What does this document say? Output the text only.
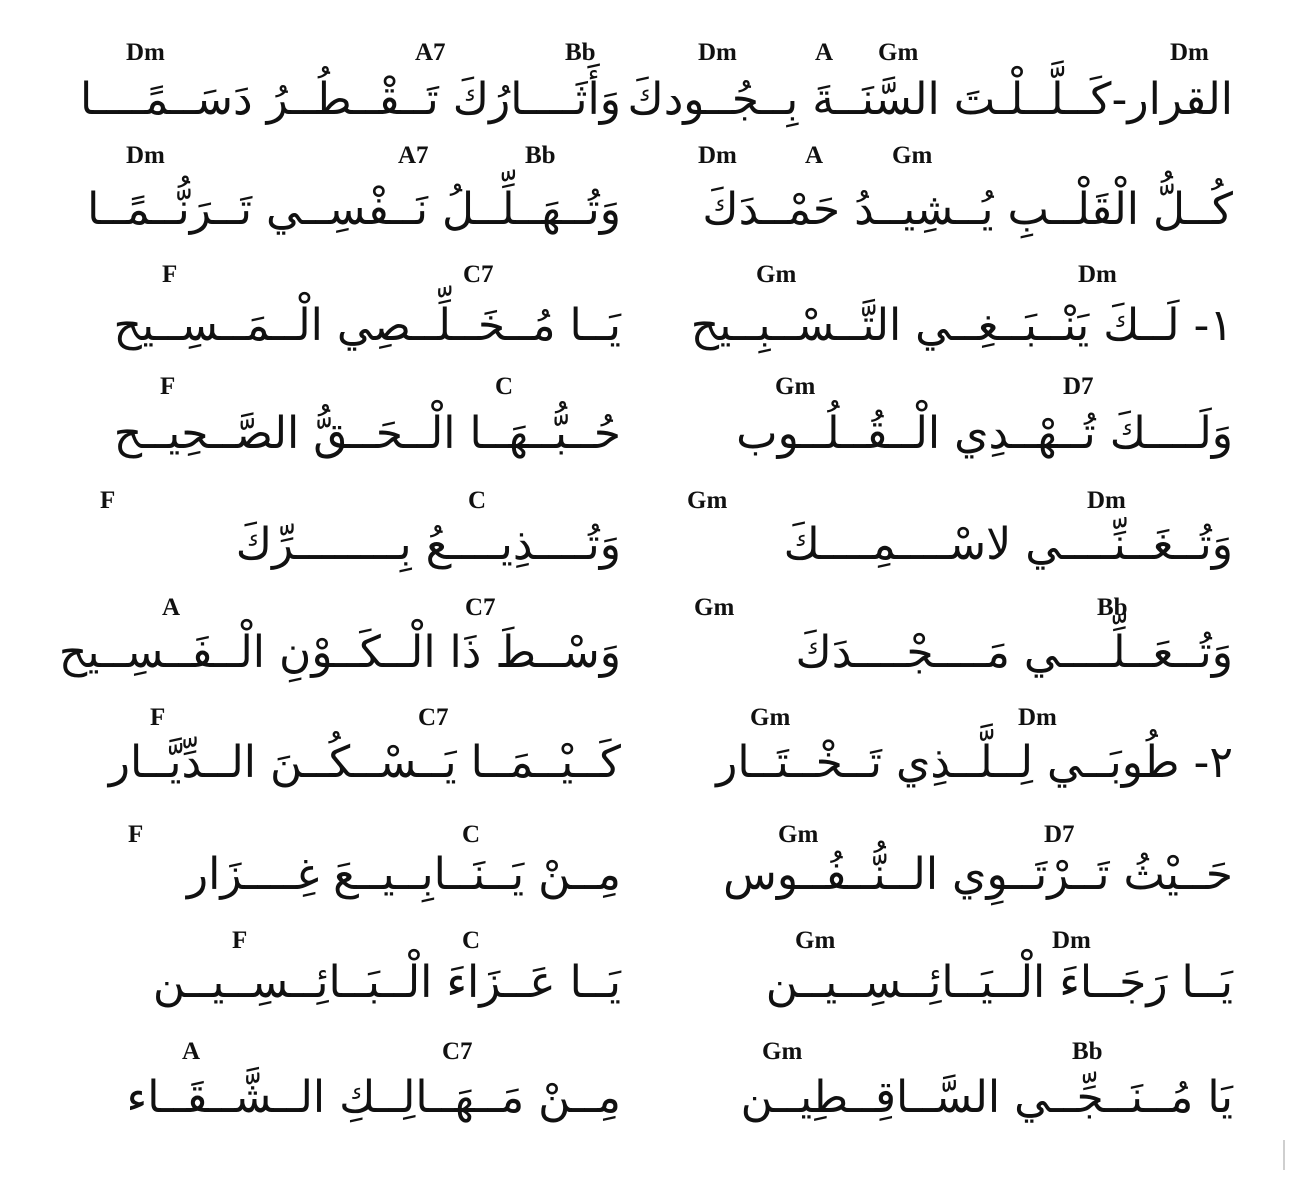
Dm	A Gm	Dm
القرار-كَــلَّــلْـتَ السَّنَــةَ بِــجُــودكَ
Dm	A	Gm
كُــلُّ الْقَلْــبِ يُــشِيــدُ حَمْــدَكَ
Gm	Dm
١- لَــكَ يَنْــبَــغِــي التَّــسْــبِــيح
Gm	D7
وَلَــــكَ تُــهْــدِي الْــقُــلُــوب
Gm	Dm
وَتُــغَــنِّــــي لاسْــــمِــــكَ
Gm	Bb
وَتُــعَــلِّــــي مَــــجْــــدَكَ
Gm	Dm
٢- طُوبَــي لِــلَّــذِي تَــخْــتَــار
Gm	D7
حَــيْثُ تَــرْتَــوِي الــنُّــفُــوس
Gm	Dm
يَــا رَجَــاءَ الْــيَــائِــسِــيــن
Gm	Bb
يَا مُــنَــجِّــي السَّــاقِــطِيــن
Dm	A7	Bb
وَأَثَــــارُكَ تَــقْــطُــرُ دَسَــمًــــا
Dm	A7	Bb
وَتُــهَــلِّــلُ نَــفْسِــي تَــرَنُّــمًــا
F	C7
يَــا مُــخَــلِّــصِي الْــمَــسِــيح
F	C
حُــبُّــهَــا الْــحَــقُّ الصَّــحِيــح
F	C
وَتُــــذِيــــعُ بِــــــــرِّكَ
A	C7
وَسْــطَ ذَا الْــكَــوْنِ الْــفَــسِــيح
F	C7
كَــيْــمَــا يَــسْــكُــنَ الــدِّيَّــار
F	C
مِــنْ يَــنَــابِــيــعَ غِــــزَار
F	C
يَــا عَــزَاءَ الْــبَــائِــسِــيــن
A	C7
مِــنْ مَــهَــالِــكِ الــشَّــقَــاء
